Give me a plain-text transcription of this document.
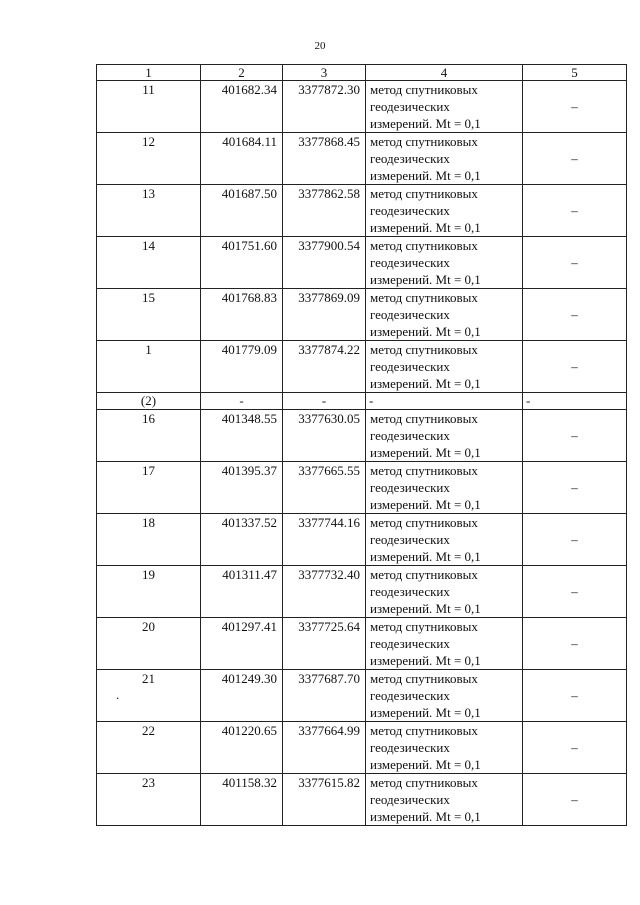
20
.
1	2	3	4	5
11	401682.34	3377872.30	метод спутниковых
геодезических
измерений. Mt = 0,1	–
12	401684.11	3377868.45	метод спутниковых
геодезических
измерений. Mt = 0,1	–
13	401687.50	3377862.58	метод спутниковых
геодезических
измерений. Mt = 0,1	–
14	401751.60	3377900.54	метод спутниковых
геодезических
измерений. Mt = 0,1	–
15	401768.83	3377869.09	метод спутниковых
геодезических
измерений. Mt = 0,1	–
1	401779.09	3377874.22	метод спутниковых
геодезических
измерений. Mt = 0,1	–
(2)	-	-	-	-
16	401348.55	3377630.05	метод спутниковых
геодезических
измерений. Mt = 0,1	–
17	401395.37	3377665.55	метод спутниковых
геодезических
измерений. Mt = 0,1	–
18	401337.52	3377744.16	метод спутниковых
геодезических
измерений. Mt = 0,1	–
19	401311.47	3377732.40	метод спутниковых
геодезических
измерений. Mt = 0,1	–
20	401297.41	3377725.64	метод спутниковых
геодезических
измерений. Mt = 0,1	–
21	401249.30	3377687.70	метод спутниковых
геодезических
измерений. Mt = 0,1	–
22	401220.65	3377664.99	метод спутниковых
геодезических
измерений. Mt = 0,1	–
23	401158.32	3377615.82	метод спутниковых
геодезических
измерений. Mt = 0,1	–
